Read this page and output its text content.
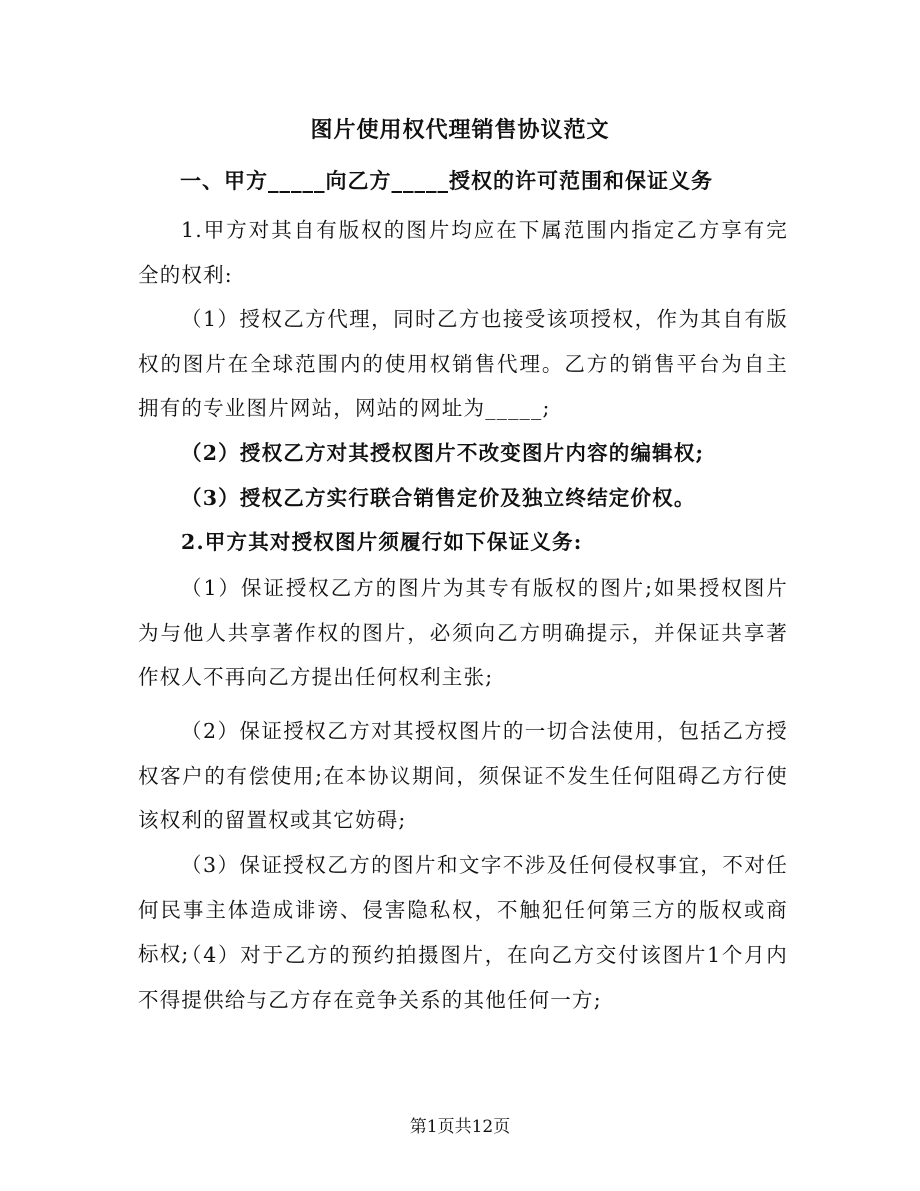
图片使用权代理销售协议范文
一、甲方_____向乙方_____授权的许可范围和保证义务
1.甲方对其自有版权的图片均应在下属范围内指定乙方享有完全的权利:
（1）授权乙方代理，同时乙方也接受该项授权，作为其自有版权的图片在全球范围内的使用权销售代理。乙方的销售平台为自主拥有的专业图片网站，网站的网址为_____;
（2）授权乙方对其授权图片不改变图片内容的编辑权;
（3）授权乙方实行联合销售定价及独立终结定价权。
2.甲方其对授权图片须履行如下保证义务:
（1）保证授权乙方的图片为其专有版权的图片;如果授权图片为与他人共享著作权的图片，必须向乙方明确提示，并保证共享著作权人不再向乙方提出任何权利主张;
（2）保证授权乙方对其授权图片的一切合法使用，包括乙方授权客户的有偿使用;在本协议期间，须保证不发生任何阻碍乙方行使该权利的留置权或其它妨碍;
（3）保证授权乙方的图片和文字不涉及任何侵权事宜，不对任何民事主体造成诽谤、侵害隐私权，不触犯任何第三方的版权或商标权;
（4）对于乙方的预约拍摄图片，在向乙方交付该图片1个月内不得提供给与乙方存在竞争关系的其他任何一方;
第1页共12页
